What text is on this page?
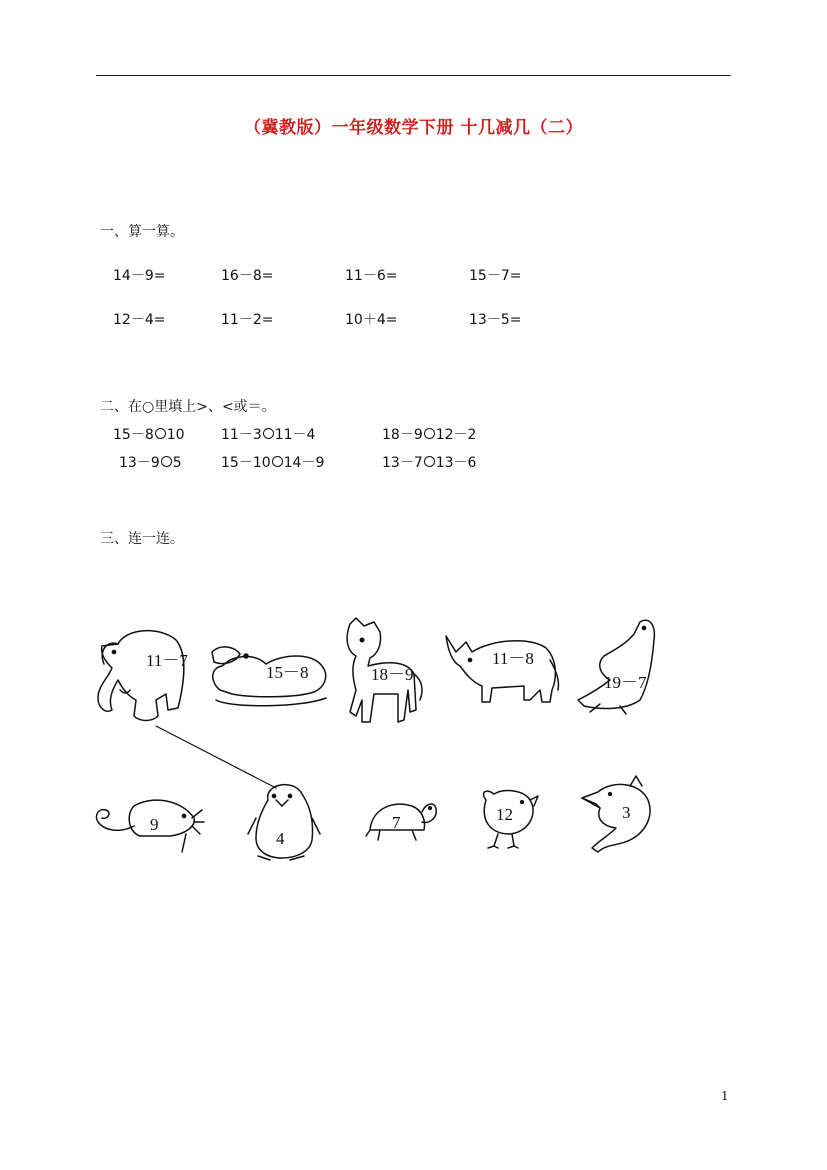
（冀教版）一年级数学下册 十几减几（二）
一、算一算。
14－9=	16－8=	11－6=	15－7=
12－4=	11－2=	10＋4=	13－5=
二、在○里填上>、<或＝。
15－8 10	11－3 11－4	18－9 12－2
13－9 5	15－10 14－9	13－7 13－6
三、连一连。
11－7
15－8	18－9
11－8
19－7
9
4
7	12	3
1
